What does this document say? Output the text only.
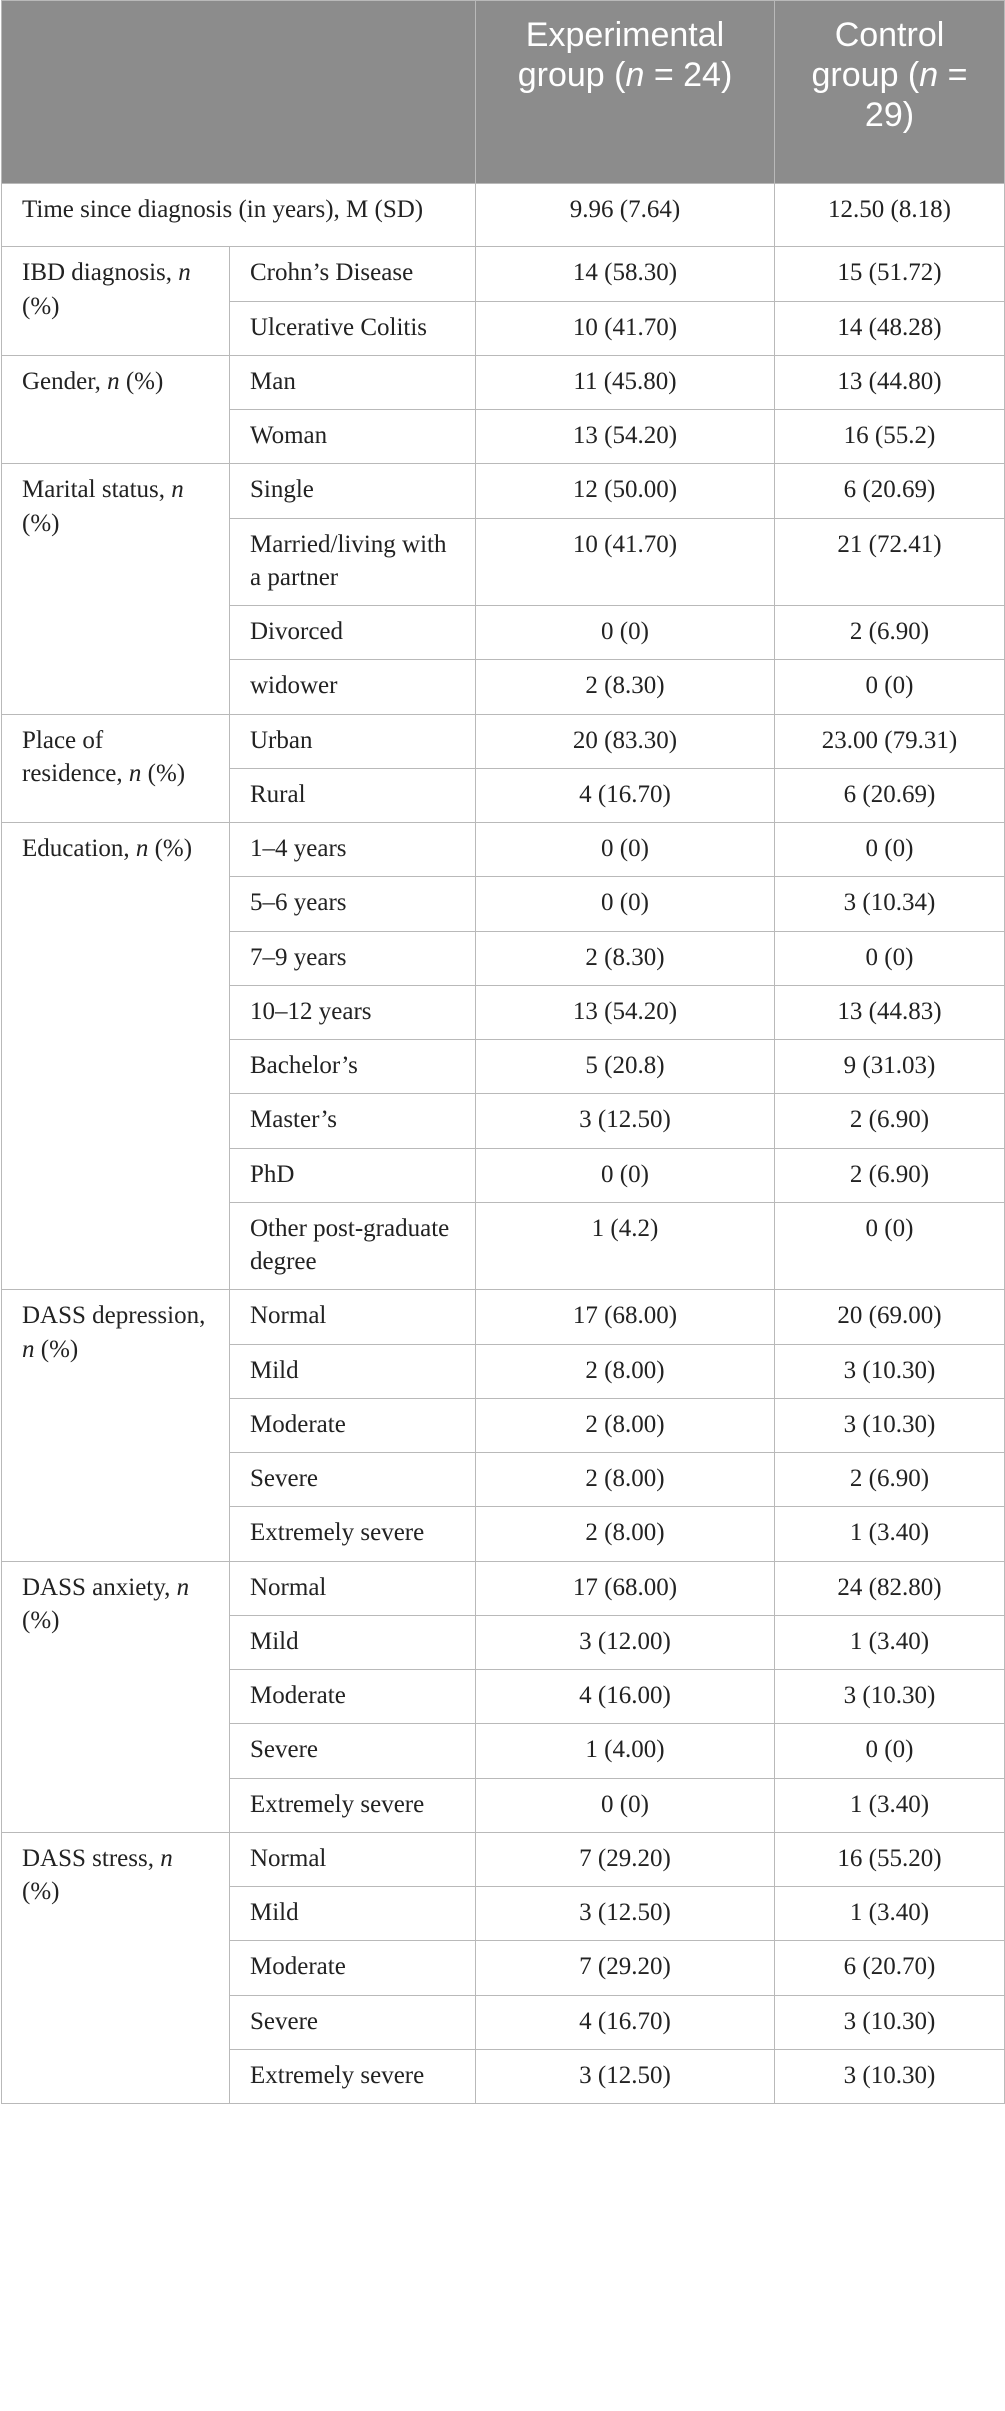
		Experimental group (n = 24)	Control group (n = 29)
Time since diagnosis (in years), M (SD)		9.96 (7.64)	12.50 (8.18)
IBD diagnosis, n (%)	Crohn’s Disease	14 (58.30)	15 (51.72)
	Ulcerative Colitis	10 (41.70)	14 (48.28)
Gender, n (%)	Man	11 (45.80)	13 (44.80)
	Woman	13 (54.20)	16 (55.2)
Marital status, n (%)	Single	12 (50.00)	6 (20.69)
	Married/living with a partner	10 (41.70)	21 (72.41)
	Divorced	0 (0)	2 (6.90)
	widower	2 (8.30)	0 (0)
Place of residence, n (%)	Urban	20 (83.30)	23.00 (79.31)
	Rural	4 (16.70)	6 (20.69)
Education, n (%)	1–4 years	0 (0)	0 (0)
	5–6 years	0 (0)	3 (10.34)
	7–9 years	2 (8.30)	0 (0)
	10–12 years	13 (54.20)	13 (44.83)
	Bachelor’s	5 (20.8)	9 (31.03)
	Master’s	3 (12.50)	2 (6.90)
	PhD	0 (0)	2 (6.90)
	Other post-graduate degree	1 (4.2)	0 (0)
DASS depression, n (%)	Normal	17 (68.00)	20 (69.00)
	Mild	2 (8.00)	3 (10.30)
	Moderate	2 (8.00)	3 (10.30)
	Severe	2 (8.00)	2 (6.90)
	Extremely severe	2 (8.00)	1 (3.40)
DASS anxiety, n (%)	Normal	17 (68.00)	24 (82.80)
	Mild	3 (12.00)	1 (3.40)
	Moderate	4 (16.00)	3 (10.30)
	Severe	1 (4.00)	0 (0)
	Extremely severe	0 (0)	1 (3.40)
DASS stress, n (%)	Normal	7 (29.20)	16 (55.20)
	Mild	3 (12.50)	1 (3.40)
	Moderate	7 (29.20)	6 (20.70)
	Severe	4 (16.70)	3 (10.30)
	Extremely severe	3 (12.50)	3 (10.30)
